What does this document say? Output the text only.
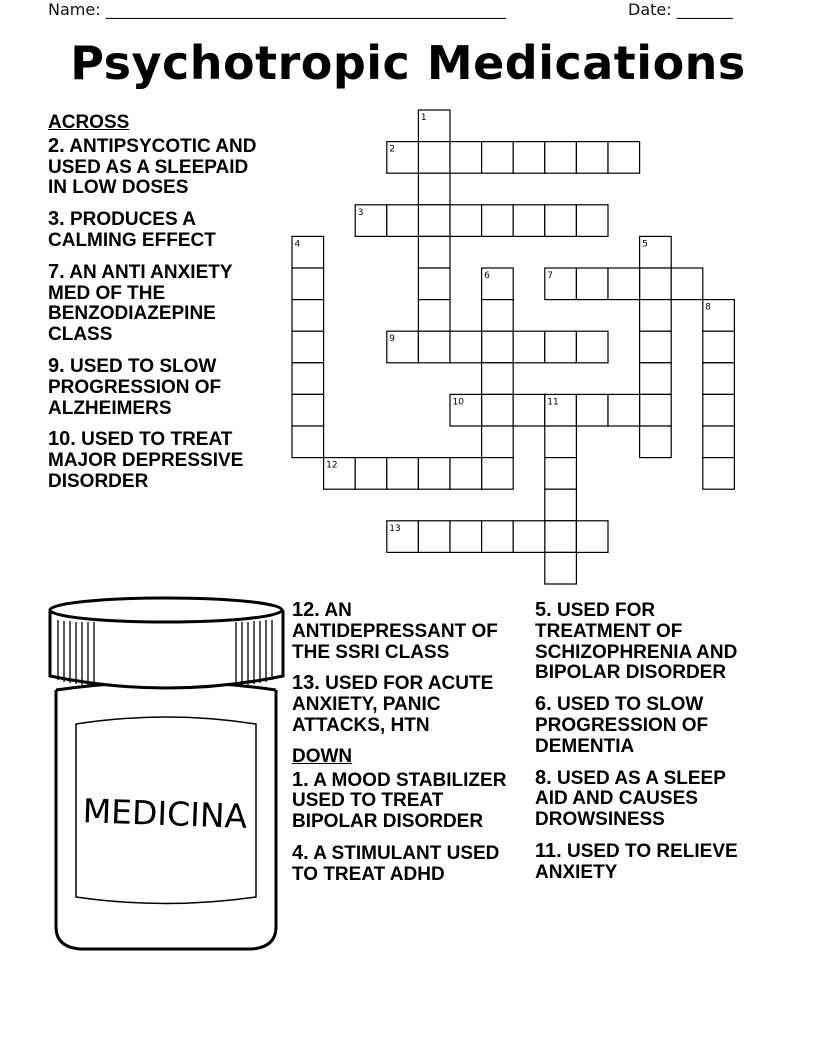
Name: __________________________________________________	Date: _______
Psychotropic Medications
ACROSS
2. ANTIPSYCOTIC AND USED AS A SLEEPAID IN LOW DOSES
3. PRODUCES A CALMING EFFECT
7. AN ANTI ANXIETY MED OF THE BENZODIAZEPINE CLASS
9. USED TO SLOW PROGRESSION OF ALZHEIMERS
10. USED TO TREAT MAJOR DEPRESSIVE DISORDER
12. AN ANTIDEPRESSANT OF THE SSRI CLASS
13. USED FOR ACUTE ANXIETY, PANIC ATTACKS, HTN
DOWN
1. A MOOD STABILIZER USED TO TREAT BIPOLAR DISORDER
4. A STIMULANT USED TO TREAT ADHD
5. USED FOR TREATMENT OF SCHIZOPHRENIA AND BIPOLAR DISORDER
6. USED TO SLOW PROGRESSION OF DEMENTIA
8. USED AS A SLEEP AID AND CAUSES DROWSINESS
11. USED TO RELIEVE ANXIETY
MEDICINA
1
2
3
4	5
6	7
8
9
10	11
12
13
